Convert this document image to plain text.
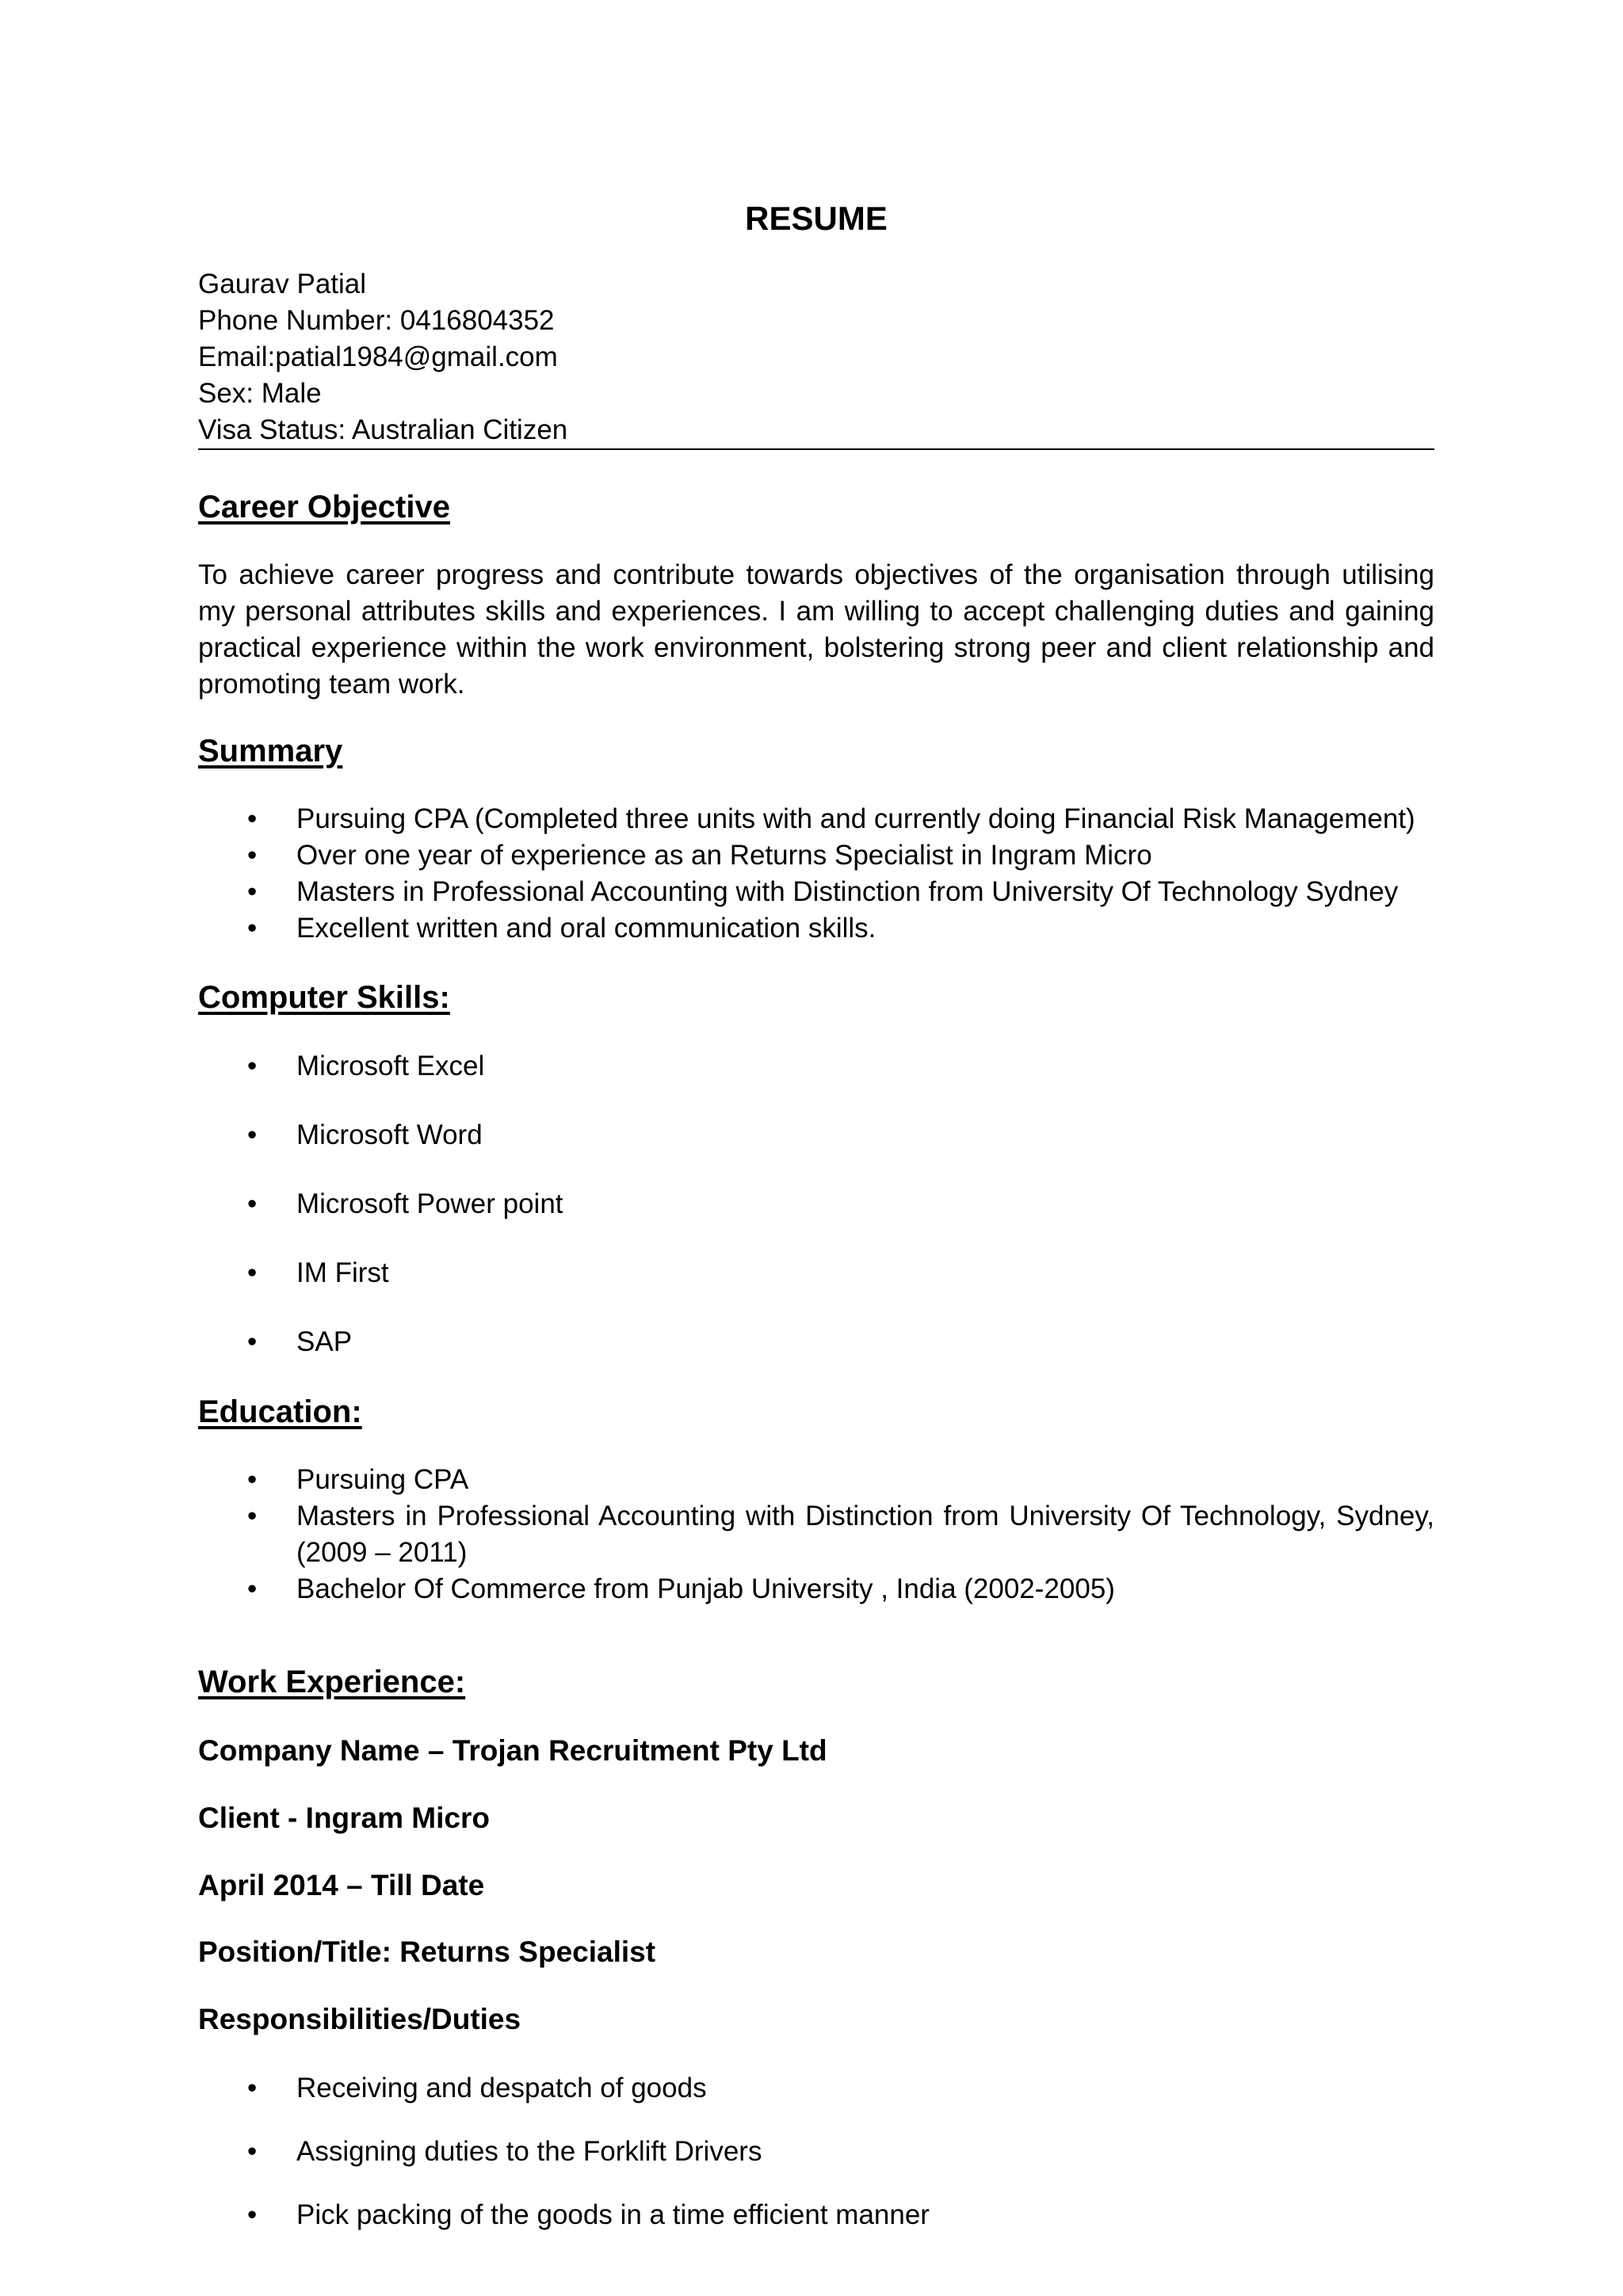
RESUME
Gaurav Patial
Phone Number: 0416804352
Email:patial1984@gmail.com
Sex: Male
Visa Status: Australian Citizen
Career Objective
To achieve career progress and contribute towards objectives of the organisation through utilising my personal attributes skills and experiences. I am willing to accept challenging duties and gaining practical experience within the work environment, bolstering strong peer and client relationship and promoting team work.
Summary
• Pursuing CPA (Completed three units with and currently doing Financial Risk Management)
• Over one year of experience as an Returns Specialist in Ingram Micro
• Masters in Professional Accounting with Distinction from University Of Technology Sydney
• Excellent written and oral communication skills.
Computer Skills:
• Microsoft Excel
• Microsoft Word
• Microsoft Power point
• IM First
• SAP
Education:
• Pursuing CPA
• Masters in Professional Accounting with Distinction from University Of Technology, Sydney, (2009 – 2011)
• Bachelor Of Commerce from Punjab University , India (2002-2005)
Work Experience:
Company Name – Trojan Recruitment Pty Ltd
Client - Ingram Micro
April 2014 – Till Date
Position/Title: Returns Specialist
Responsibilities/Duties
• Receiving and despatch of goods
• Assigning duties to the Forklift Drivers
• Pick packing of the goods in a time efficient manner
